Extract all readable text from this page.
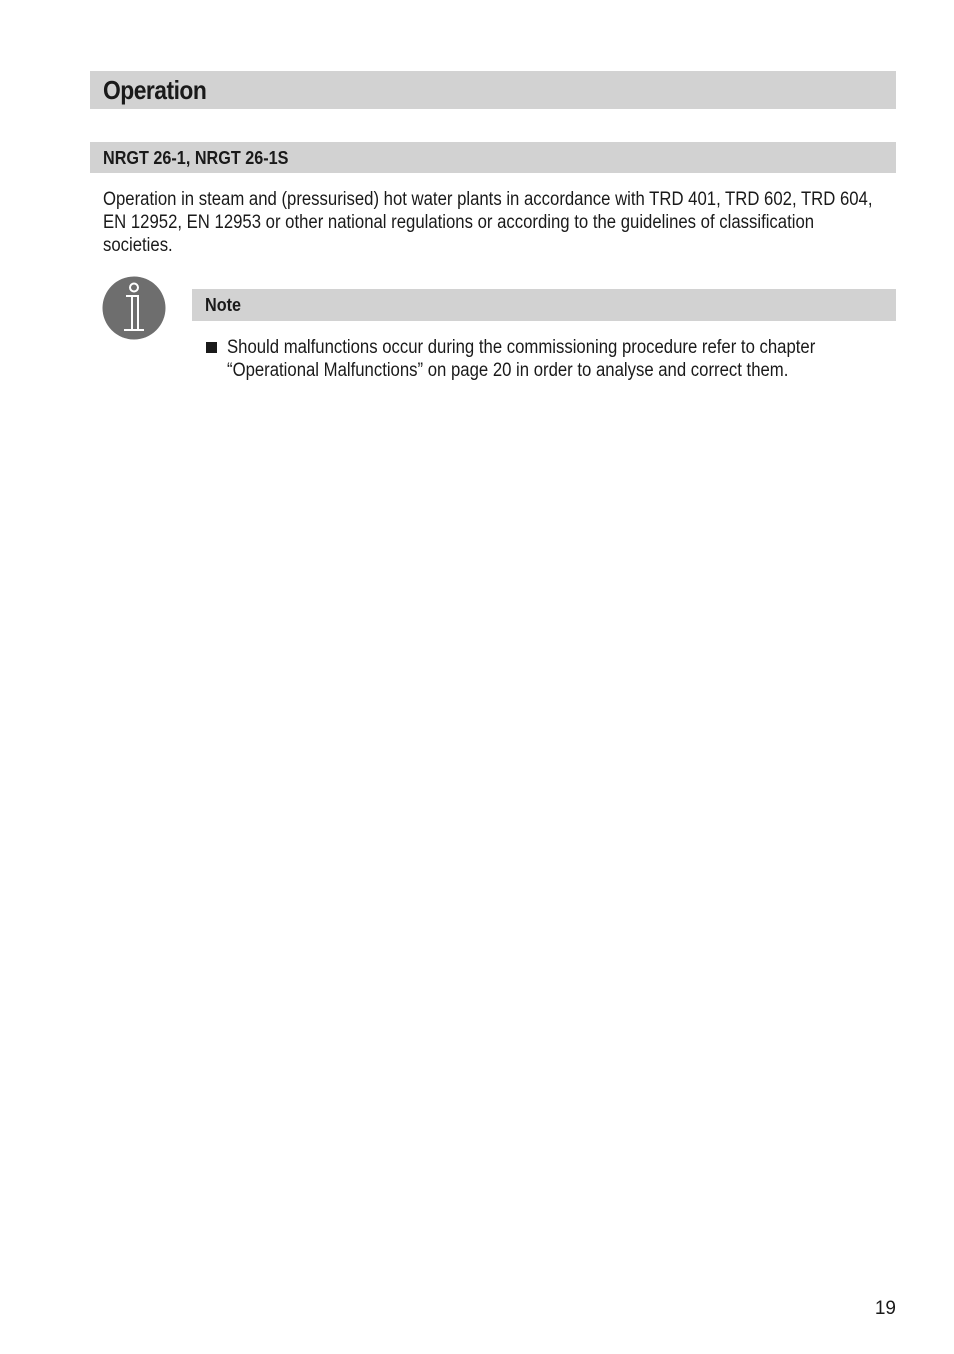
Operation
NRGT 26-1, NRGT 26-1S

Operation in steam and (pressurised) hot water plants in accordance with TRD 401, TRD 602, TRD 604, EN 12952, EN 12953 or other national regulations or according to the guidelines of classification societies.

Note

Should malfunctions occur during the commissioning procedure refer to chapter “Operational Malfunctions” on page 20 in order to analyse and correct them.

19
